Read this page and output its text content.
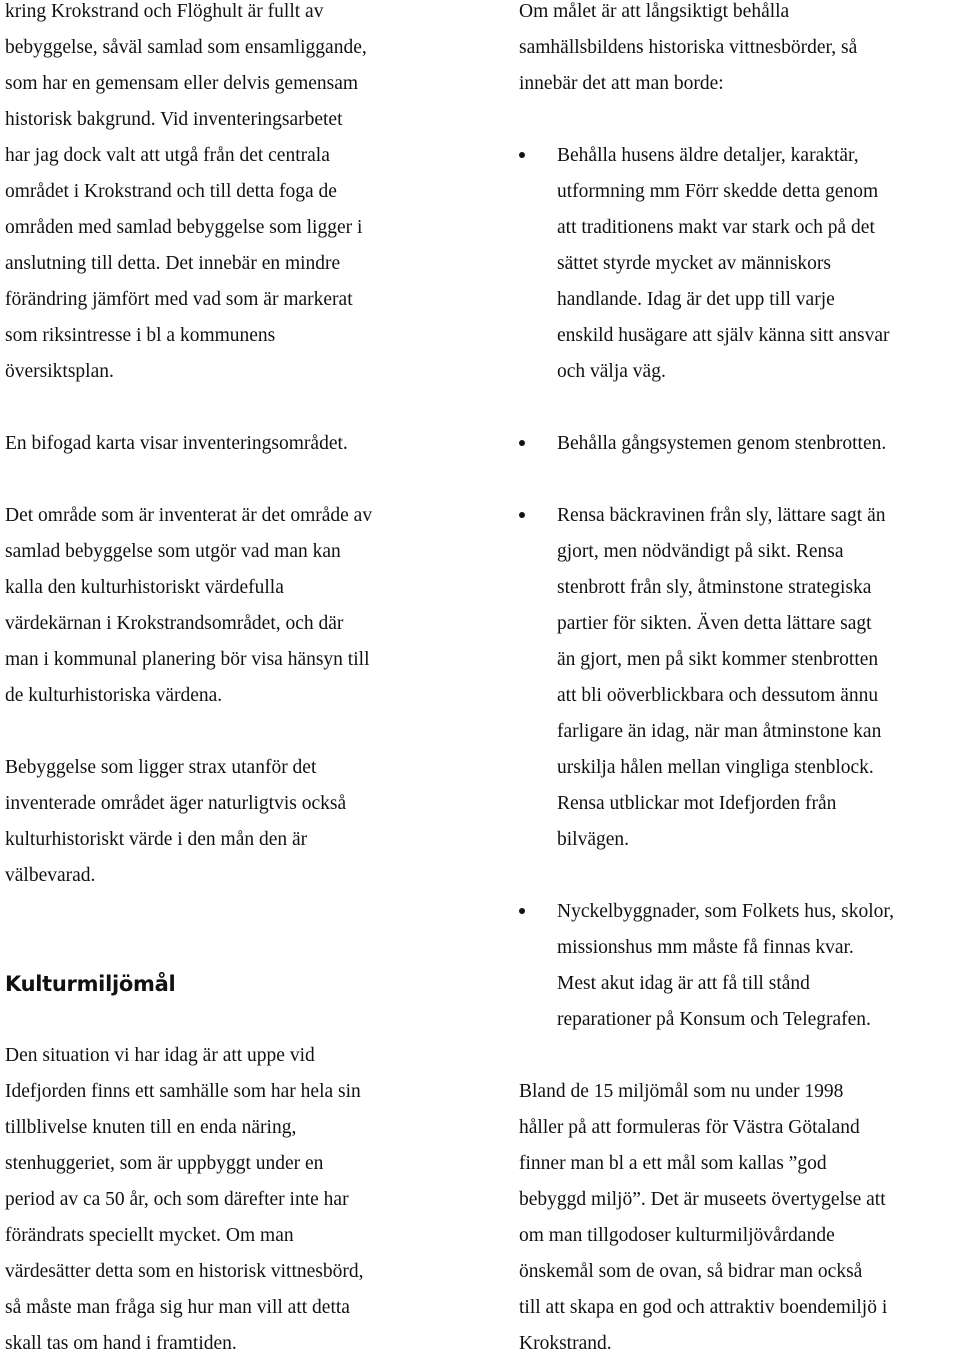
kring Krokstrand och Flöghult är fullt av
bebyggelse, såväl samlad som ensamliggande,
som har en gemensam eller delvis gemensam
historisk bakgrund. Vid inventeringsarbetet
har jag dock valt att utgå från det centrala
området i Krokstrand och till detta foga de
områden med samlad bebyggelse som ligger i
anslutning till detta. Det innebär en mindre
förändring jämfört med vad som är markerat
som riksintresse i bl a kommunens
översiktsplan.

En bifogad karta visar inventeringsområdet.

Det område som är inventerat är det område av
samlad bebyggelse som utgör vad man kan
kalla den kulturhistoriskt värdefulla
värdekärnan i Krokstrandsområdet, och där
man i kommunal planering bör visa hänsyn till
de kulturhistoriska värdena.

Bebyggelse som ligger strax utanför det
inventerade området äger naturligtvis också
kulturhistoriskt värde i den mån den är
välbevarad.

Kulturmiljömål

Den situation vi har idag är att uppe vid
Idefjorden finns ett samhälle som har hela sin
tillblivelse knuten till en enda näring,
stenhuggeriet, som är uppbyggt under en
period av ca 50 år, och som därefter inte har
förändrats speciellt mycket. Om man
värdesätter detta som en historisk vittnesbörd,
så måste man fråga sig hur man vill att detta
skall tas om hand i framtiden.

Om målet är att långsiktigt behålla
samhällsbildens historiska vittnesbörder, så
innebär det att man borde:

Behålla husens äldre detaljer, karaktär,
utformning mm Förr skedde detta genom
att traditionens makt var stark och på det
sättet styrde mycket av människors
handlande. Idag är det upp till varje
enskild husägare att själv känna sitt ansvar
och välja väg.
Behålla gångsystemen genom stenbrotten.
Rensa bäckravinen från sly, lättare sagt än
gjort, men nödvändigt på sikt. Rensa
stenbrott från sly, åtminstone strategiska
partier för sikten. Även detta lättare sagt
än gjort, men på sikt kommer stenbrotten
att bli oöverblickbara och dessutom ännu
farligare än idag, när man åtminstone kan
urskilja hålen mellan vingliga stenblock.
Rensa utblickar mot Idefjorden från
bilvägen.
Nyckelbyggnader, som Folkets hus, skolor,
missionshus mm måste få finnas kvar.
Mest akut idag är att få till stånd
reparationer på Konsum och Telegrafen.

Bland de 15 miljömål som nu under 1998
håller på att formuleras för Västra Götaland
finner man bl a ett mål som kallas ”god
bebyggd miljö”. Det är museets övertygelse att
om man tillgodoser kulturmiljövårdande
önskemål som de ovan, så bidrar man också
till att skapa en god och attraktiv boendemiljö i
Krokstrand.
